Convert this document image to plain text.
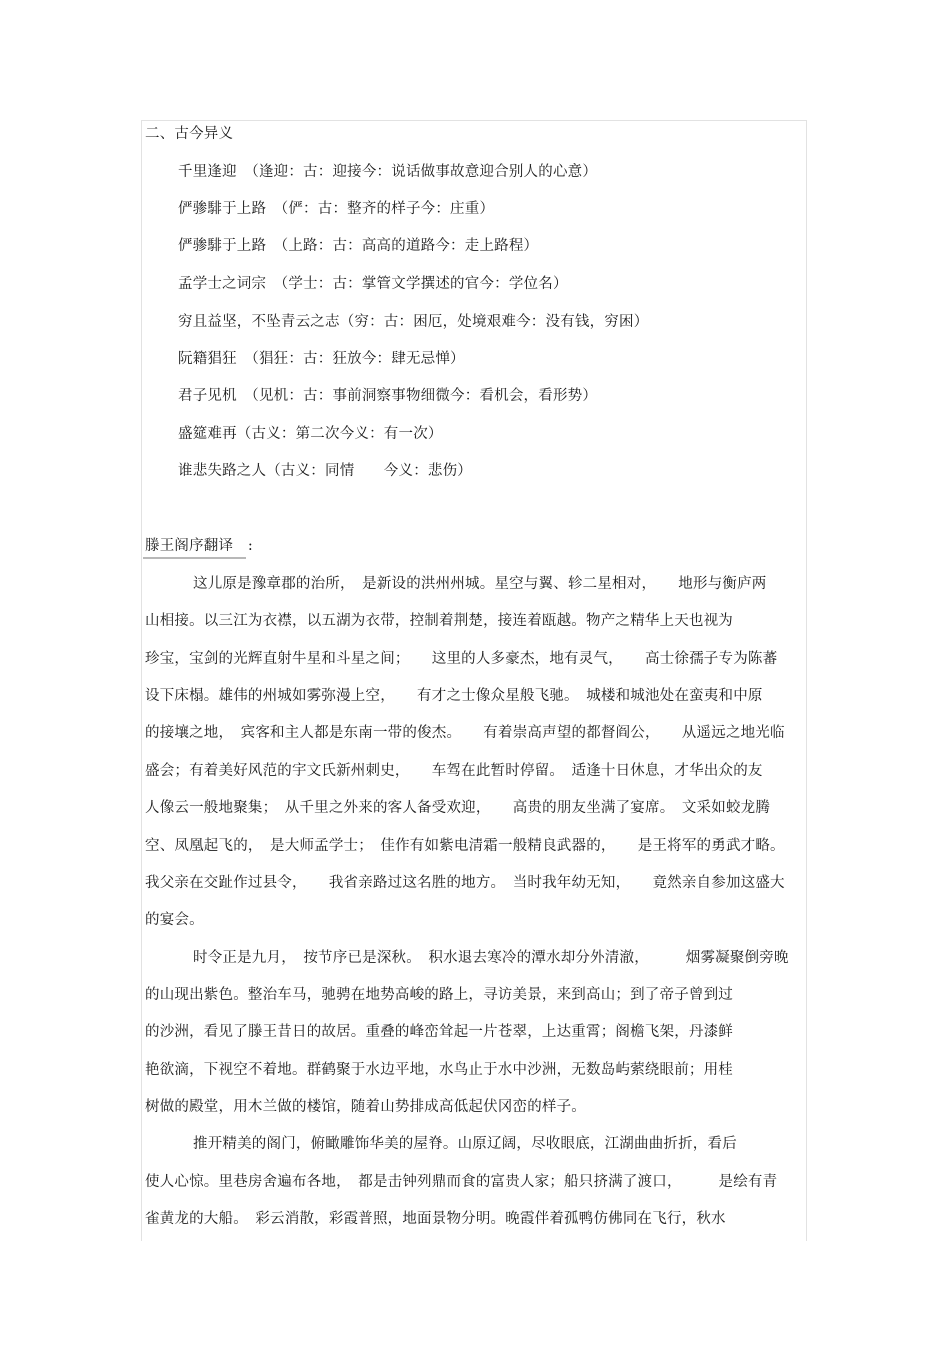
二、古今异义
千里逢迎　（逢迎：古：迎接今：说话做事故意迎合别人的心意）
俨骖騑于上路　（俨：古：整齐的样子今：庄重）
俨骖騑于上路　（上路：古：高高的道路今：走上路程）
孟学士之词宗　（学士：古：掌管文学撰述的官今：学位名）
穷且益坚，不坠青云之志（穷：古：困厄，处境艰难今：没有钱，穷困）
阮籍猖狂　（猖狂：古：狂放今：肆无忌惮）
君子见机　（见机：古：事前洞察事物细微今：看机会，看形势）
盛筵难再（古义：第二次今义：有一次）
谁悲失路之人（古义：同情　　今义：悲伤）
滕王阁序翻译　:
这儿原是豫章郡的治所，　是新设的洪州州城。星空与翼、轸二星相对，　　地形与衡庐两
山相接。以三江为衣襟，以五湖为衣带，控制着荆楚，接连着瓯越。物产之精华上天也视为
珍宝，宝剑的光辉直射牛星和斗星之间；　　这里的人多豪杰，地有灵气，　　高士徐孺子专为陈蕃
设下床榻。雄伟的州城如雾弥漫上空，　　有才之士像众星般飞驰。　城楼和城池处在蛮夷和中原
的接壤之地，　宾客和主人都是东南一带的俊杰。　　有着崇高声望的都督阎公，　　从遥远之地光临
盛会；有着美好风范的宇文氏新州刺史，　　车驾在此暂时停留。　适逢十日休息，才华出众的友
人像云一般地聚集；　从千里之外来的客人备受欢迎，　　高贵的朋友坐满了宴席。　文采如蛟龙腾
空、凤凰起飞的，　是大师孟学士；　佳作有如紫电清霜一般精良武器的，　　是王将军的勇武才略。
我父亲在交趾作过县令，　　我省亲路过这名胜的地方。　当时我年幼无知，　　竟然亲自参加这盛大
的宴会。
时令正是九月，　按节序已是深秋。　积水退去寒冷的潭水却分外清澈，　　　烟雾凝聚倒旁晚
的山现出紫色。整治车马，驰骋在地势高峻的路上，寻访美景，来到高山；到了帝子曾到过
的沙洲，看见了滕王昔日的故居。重叠的峰峦耸起一片苍翠，上达重霄；阁檐飞架，丹漆鲜
艳欲滴，下视空不着地。群鹤聚于水边平地，水鸟止于水中沙洲，无数岛屿萦绕眼前；用桂
树做的殿堂，用木兰做的楼馆，随着山势排成高低起伏冈峦的样子。
推开精美的阁门，俯瞰雕饰华美的屋脊。山原辽阔，尽收眼底，江湖曲曲折折，看后
使人心惊。里巷房舍遍布各地，　都是击钟列鼎而食的富贵人家；船只挤满了渡口，　　　是绘有青
雀黄龙的大船。　彩云消散，彩霞普照，地面景物分明。晚霞伴着孤鸭仿佛同在飞行，秋水
